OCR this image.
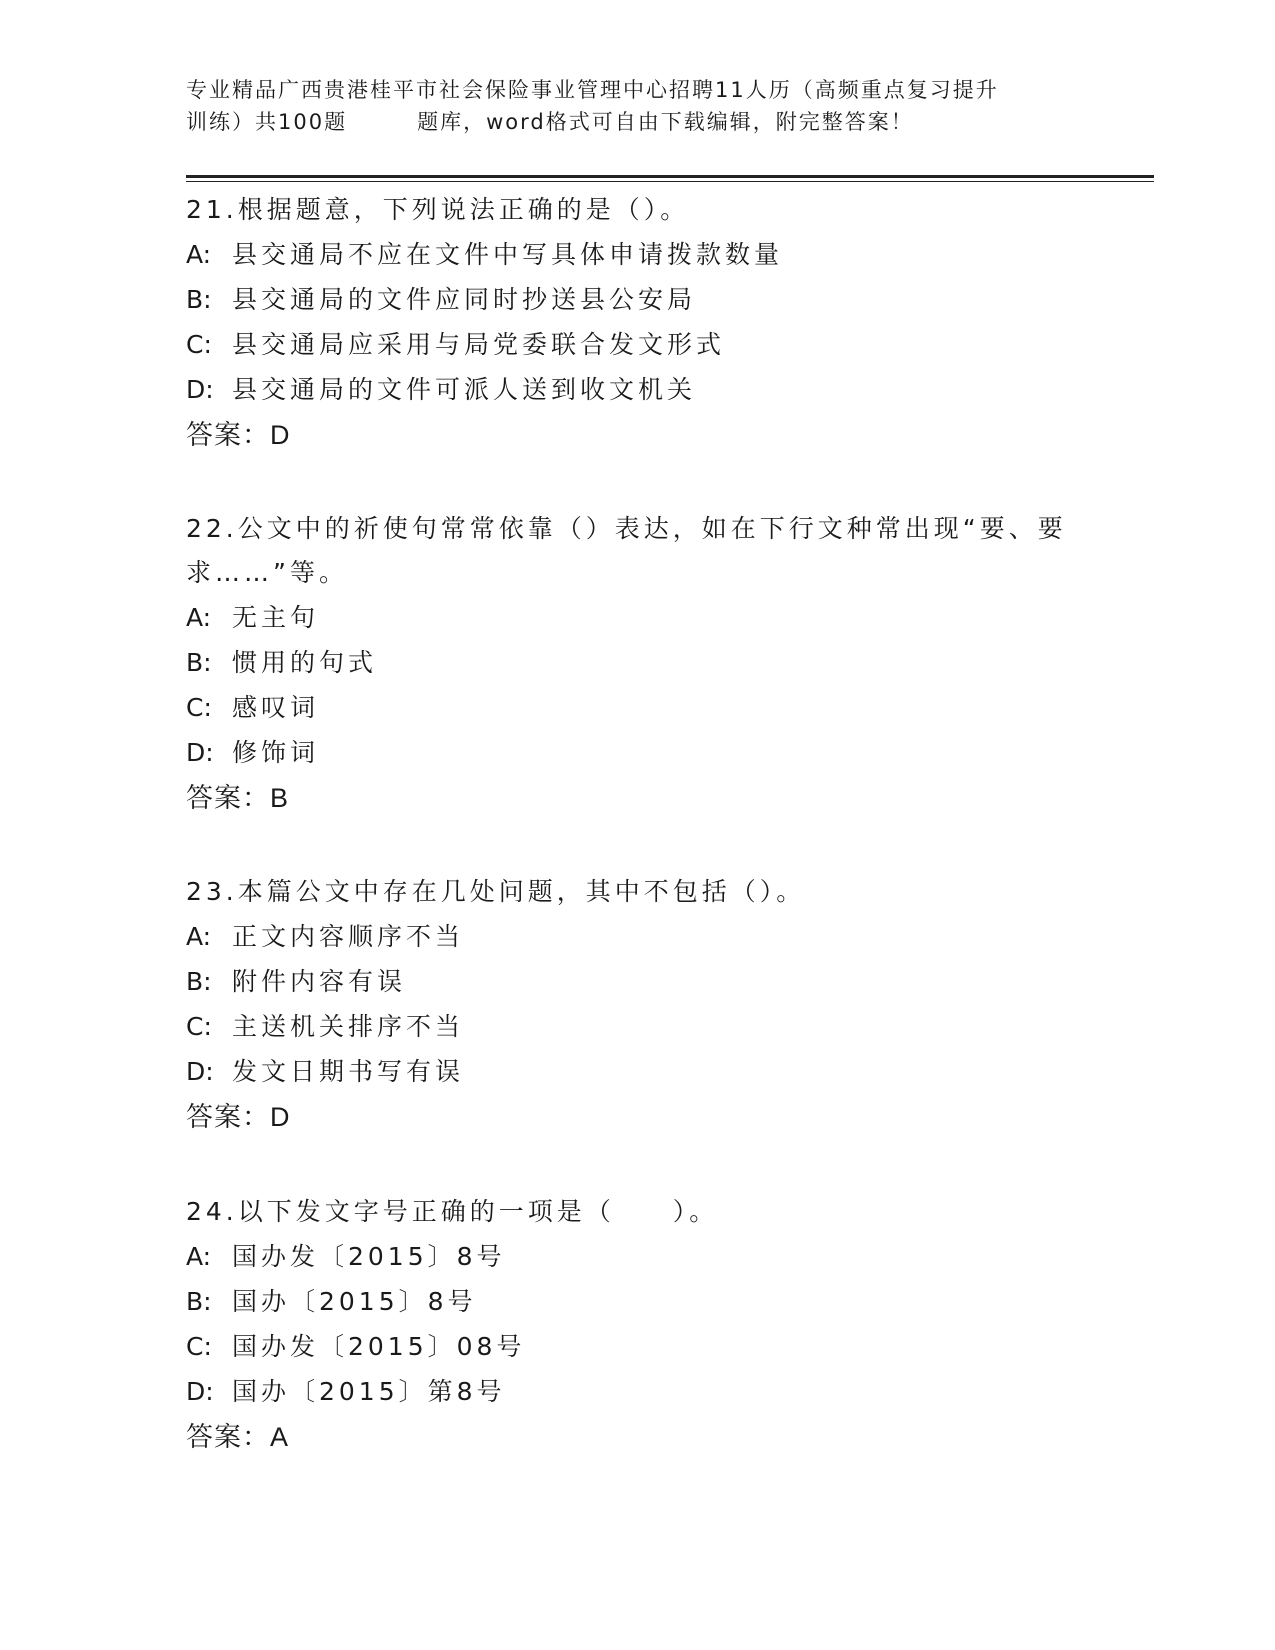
专业精品广西贵港桂平市社会保险事业管理中心招聘11人历（高频重点复习提升
训练）共100题	题库，word格式可自由下载编辑，附完整答案！
21.根据题意，下列说法正确的是（）。
A: 县交通局不应在文件中写具体申请拨款数量
B: 县交通局的文件应同时抄送县公安局
C: 县交通局应采用与局党委联合发文形式
D: 县交通局的文件可派人送到收文机关
答案：D
22.公文中的祈使句常常依靠（）表达，如在下行文种常出现“要、要求……”等。
A: 无主句
B: 惯用的句式
C: 感叹词
D: 修饰词
答案：B
23.本篇公文中存在几处问题，其中不包括（）。
A: 正文内容顺序不当
B: 附件内容有误
C: 主送机关排序不当
D: 发文日期书写有误
答案：D
24.以下发文字号正确的一项是（　　）。
A: 国办发〔2015〕8号
B: 国办〔2015〕8号
C: 国办发〔2015〕08号
D: 国办〔2015〕第8号
答案：A
